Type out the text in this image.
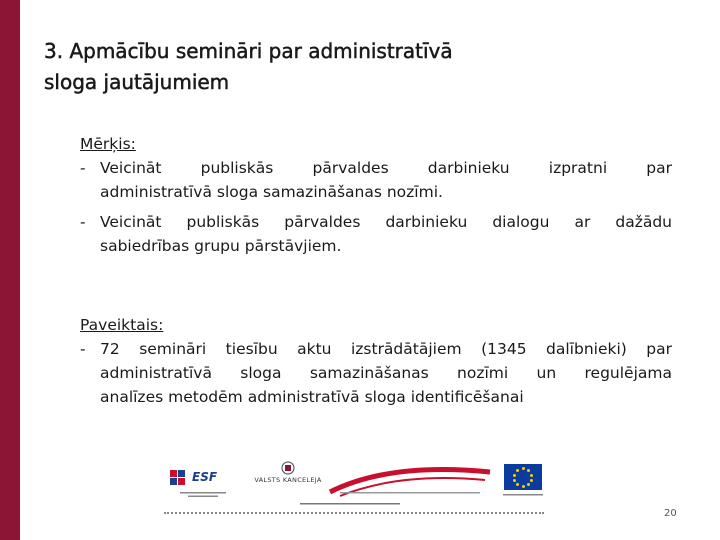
3. Apmācību semināri par administratīvā
sloga jautājumiem
Mērķis:
- Veicināt publiskās pārvaldes darbinieku izpratni par
administratīvā sloga samazināšanas nozīmi.
- Veicināt publiskās pārvaldes darbinieku dialogu ar dažādu
sabiedrības grupu pārstāvjiem.
Paveiktais:
- 72 semināri tiesību aktu izstrādātājiem (1345 dalībnieki) par
administratīvā sloga samazināšanas nozīmi un regulējama
analīzes metodēm administratīvā sloga identificēšanai
ESF	VALSTS KANCELEJA
20
